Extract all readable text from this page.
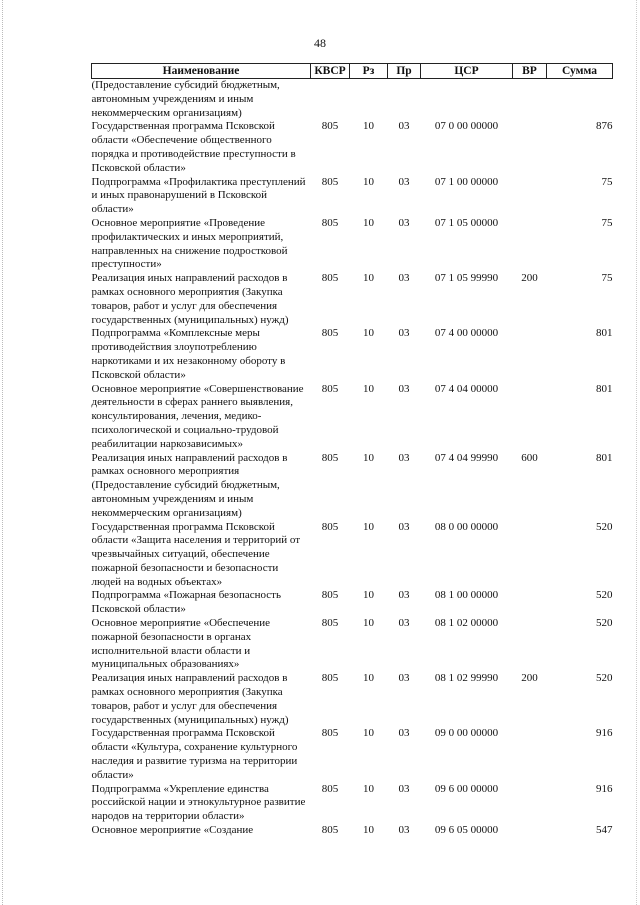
48
Наименование	КВСР	Рз	Пр	ЦСР	ВР	Сумма
(Предоставление субсидий бюджетным, автономным учреждениям и иным некоммерческим организациям)						
Государственная программа Псковской области «Обеспечение общественного порядка и противодействие преступности в Псковской области»	805	10	03	07 0 00 00000		876
Подпрограмма «Профилактика преступлений и иных правонарушений в Псковской области»	805	10	03	07 1 00 00000		75
Основное мероприятие «Проведение профилактических и иных мероприятий, направленных на снижение подростковой преступности»	805	10	03	07 1 05 00000		75
Реализация иных направлений расходов в рамках основного мероприятия (Закупка товаров, работ и услуг для обеспечения государственных (муниципальных) нужд)	805	10	03	07 1 05 99990	200	75
Подпрограмма «Комплексные меры противодействия злоупотреблению наркотиками и их незаконному обороту в Псковской области»	805	10	03	07 4 00 00000		801
Основное мероприятие «Совершенствование деятельности в сферах раннего выявления, консультирования, лечения, медико-психологической и социально-трудовой реабилитации наркозависимых»	805	10	03	07 4 04 00000		801
Реализация иных направлений расходов в рамках основного мероприятия (Предоставление субсидий бюджетным, автономным учреждениям и иным некоммерческим организациям)	805	10	03	07 4 04 99990	600	801
Государственная программа Псковской области «Защита населения и территорий от чрезвычайных ситуаций, обеспечение пожарной безопасности и безопасности людей на водных объектах»	805	10	03	08 0 00 00000		520
Подпрограмма «Пожарная безопасность Псковской области»	805	10	03	08 1 00 00000		520
Основное мероприятие «Обеспечение пожарной безопасности в органах исполнительной власти области и муниципальных образованиях»	805	10	03	08 1 02 00000		520
Реализация иных направлений расходов в рамках основного мероприятия (Закупка товаров, работ и услуг для обеспечения государственных (муниципальных) нужд)	805	10	03	08 1 02 99990	200	520
Государственная программа Псковской области «Культура, сохранение культурного наследия и развитие туризма на территории области»	805	10	03	09 0 00 00000		916
Подпрограмма «Укрепление единства российской нации и этнокультурное развитие народов на территории области»	805	10	03	09 6 00 00000		916
Основное мероприятие «Создание	805	10	03	09 6 05 00000		547
